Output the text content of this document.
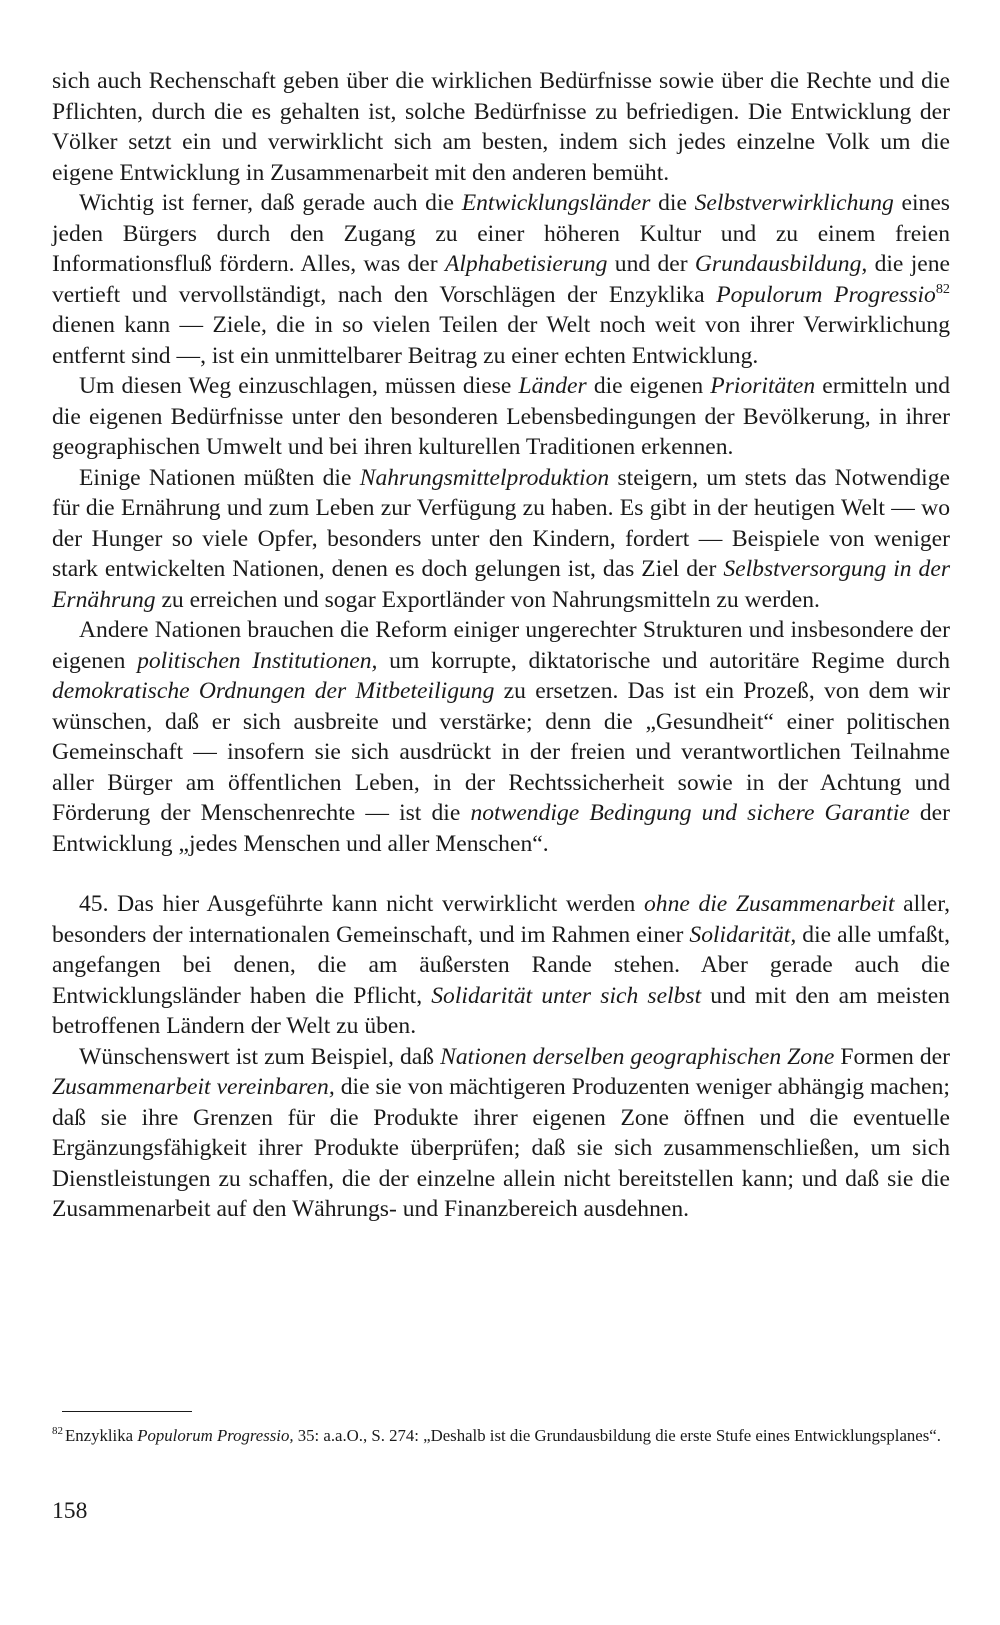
sich auch Rechenschaft geben über die wirklichen Bedürfnisse sowie über die Rechte und die Pflichten, durch die es gehalten ist, solche Bedürfnisse zu befriedigen. Die Entwicklung der Völker setzt ein und verwirklicht sich am besten, indem sich jedes einzelne Volk um die eigene Entwicklung in Zusammenarbeit mit den anderen bemüht.

Wichtig ist ferner, daß gerade auch die Entwicklungsländer die Selbstverwirklichung eines jeden Bürgers durch den Zugang zu einer höheren Kultur und zu einem freien Informationsfluß fördern. Alles, was der Alphabetisierung und der Grundausbildung, die jene vertieft und vervollständigt, nach den Vorschlägen der Enzyklika Populorum Progressio$^{82}$ dienen kann — Ziele, die in so vielen Teilen der Welt noch weit von ihrer Verwirklichung entfernt sind —, ist ein unmittelbarer Beitrag zu einer echten Entwicklung.

Um diesen Weg einzuschlagen, müssen diese Länder die eigenen Prioritäten ermitteln und die eigenen Bedürfnisse unter den besonderen Lebensbedingungen der Bevölkerung, in ihrer geographischen Umwelt und bei ihren kulturellen Traditionen erkennen.

Einige Nationen müßten die Nahrungsmittelproduktion steigern, um stets das Notwendige für die Ernährung und zum Leben zur Verfügung zu haben. Es gibt in der heutigen Welt — wo der Hunger so viele Opfer, besonders unter den Kindern, fordert — Beispiele von weniger stark entwickelten Nationen, denen es doch gelungen ist, das Ziel der Selbstversorgung in der Ernährung zu erreichen und sogar Exportländer von Nahrungsmitteln zu werden.

Andere Nationen brauchen die Reform einiger ungerechter Strukturen und insbesondere der eigenen politischen Institutionen, um korrupte, diktatorische und autoritäre Regime durch demokratische Ordnungen der Mitbeteiligung zu ersetzen. Das ist ein Prozeß, von dem wir wünschen, daß er sich ausbreite und verstärke; denn die „Gesundheit“ einer politischen Gemeinschaft — insofern sie sich ausdrückt in der freien und verantwortlichen Teilnahme aller Bürger am öffentlichen Leben, in der Rechtssicherheit sowie in der Achtung und Förderung der Menschenrechte — ist die notwendige Bedingung und sichere Garantie der Entwicklung „jedes Menschen und aller Menschen“.

45. Das hier Ausgeführte kann nicht verwirklicht werden ohne die Zusammenarbeit aller, besonders der internationalen Gemeinschaft, und im Rahmen einer Solidarität, die alle umfaßt, angefangen bei denen, die am äußersten Rande stehen. Aber gerade auch die Entwicklungsländer haben die Pflicht, Solidarität unter sich selbst und mit den am meisten betroffenen Ländern der Welt zu üben.

Wünschenswert ist zum Beispiel, daß Nationen derselben geographischen Zone Formen der Zusammenarbeit vereinbaren, die sie von mächtigeren Produzenten weniger abhängig machen; daß sie ihre Grenzen für die Produkte ihrer eigenen Zone öffnen und die eventuelle Ergänzungsfähigkeit ihrer Produkte überprüfen; daß sie sich zusammenschließen, um sich Dienstleistungen zu schaffen, die der einzelne allein nicht bereitstellen kann; und daß sie die Zusammenarbeit auf den Währungs- und Finanzbereich ausdehnen.

$^{82}$ Enzyklika Populorum Progressio, 35: a.a.O., S. 274: „Deshalb ist die Grundausbildung die erste Stufe eines Entwicklungsplanes“.
158
